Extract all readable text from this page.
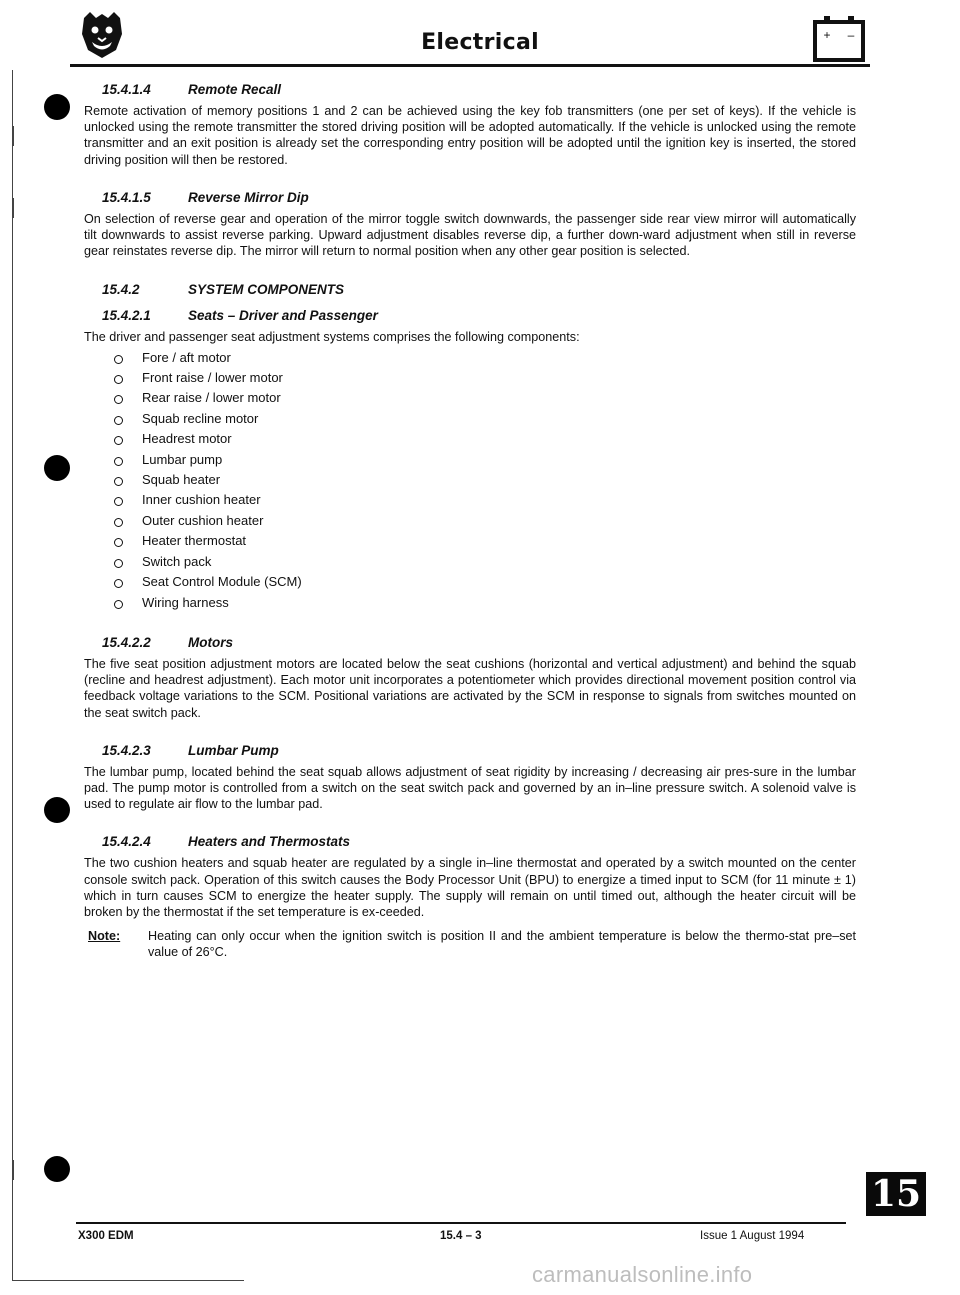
Electrical	+ –
15.4.1.4	Remote Recall

Remote activation of memory positions 1 and 2 can be achieved using the key fob transmitters (one per set of keys). If the vehicle is unlocked using the remote transmitter the stored driving position will be adopted automatically. If the vehicle is unlocked using the remote transmitter and an exit position is already set the corresponding entry position will be adopted until the ignition key is inserted, the stored driving position will then be restored.

15.4.1.5	Reverse Mirror Dip

On selection of reverse gear and operation of the mirror toggle switch downwards, the passenger side rear view mirror will automatically tilt downwards to assist reverse parking. Upward adjustment disables reverse dip, a further down-ward adjustment when still in reverse gear reinstates reverse dip. The mirror will return to normal position when any other gear position is selected.

15.4.2	SYSTEM COMPONENTS
15.4.2.1	Seats – Driver and Passenger

The driver and passenger seat adjustment systems comprises the following components:

Fore / aft motor
Front raise / lower motor
Rear raise / lower motor
Squab recline motor
Headrest motor
Lumbar pump
Squab heater
Inner cushion heater
Outer cushion heater
Heater thermostat
Switch pack
Seat Control Module (SCM)
Wiring harness
15.4.2.2	Motors

The five seat position adjustment motors are located below the seat cushions (horizontal and vertical adjustment) and behind the squab (recline and headrest adjustment). Each motor unit incorporates a potentiometer which provides directional movement position control via feedback voltage variations to the SCM. Positional variations are activated by the SCM in response to signals from switches mounted on the seat switch pack.

15.4.2.3	Lumbar Pump

The lumbar pump, located behind the seat squab allows adjustment of seat rigidity by increasing / decreasing air pres-sure in the lumbar pad. The pump motor is controlled from a switch on the seat switch pack and governed by an in–line pressure switch. A solenoid valve is used to regulate air flow to the lumbar pad.

15.4.2.4	Heaters and Thermostats

The two cushion heaters and squab heater are regulated by a single in–line thermostat and operated by a switch mounted on the center console switch pack. Operation of this switch causes the Body Processor Unit (BPU) to energize a timed input to SCM (for 11 minute ± 1) which in turn causes SCM to energize the heater supply. The supply will remain on until timed out, although the heater circuit will be broken by the thermostat if the set temperature is ex-ceeded.

Note: Heating can only occur when the ignition switch is position II and the ambient temperature is below the thermo-stat pre–set value of 26°C.
15
X300 EDM	15.4 – 3	Issue 1 August 1994
carmanualsonline.info
